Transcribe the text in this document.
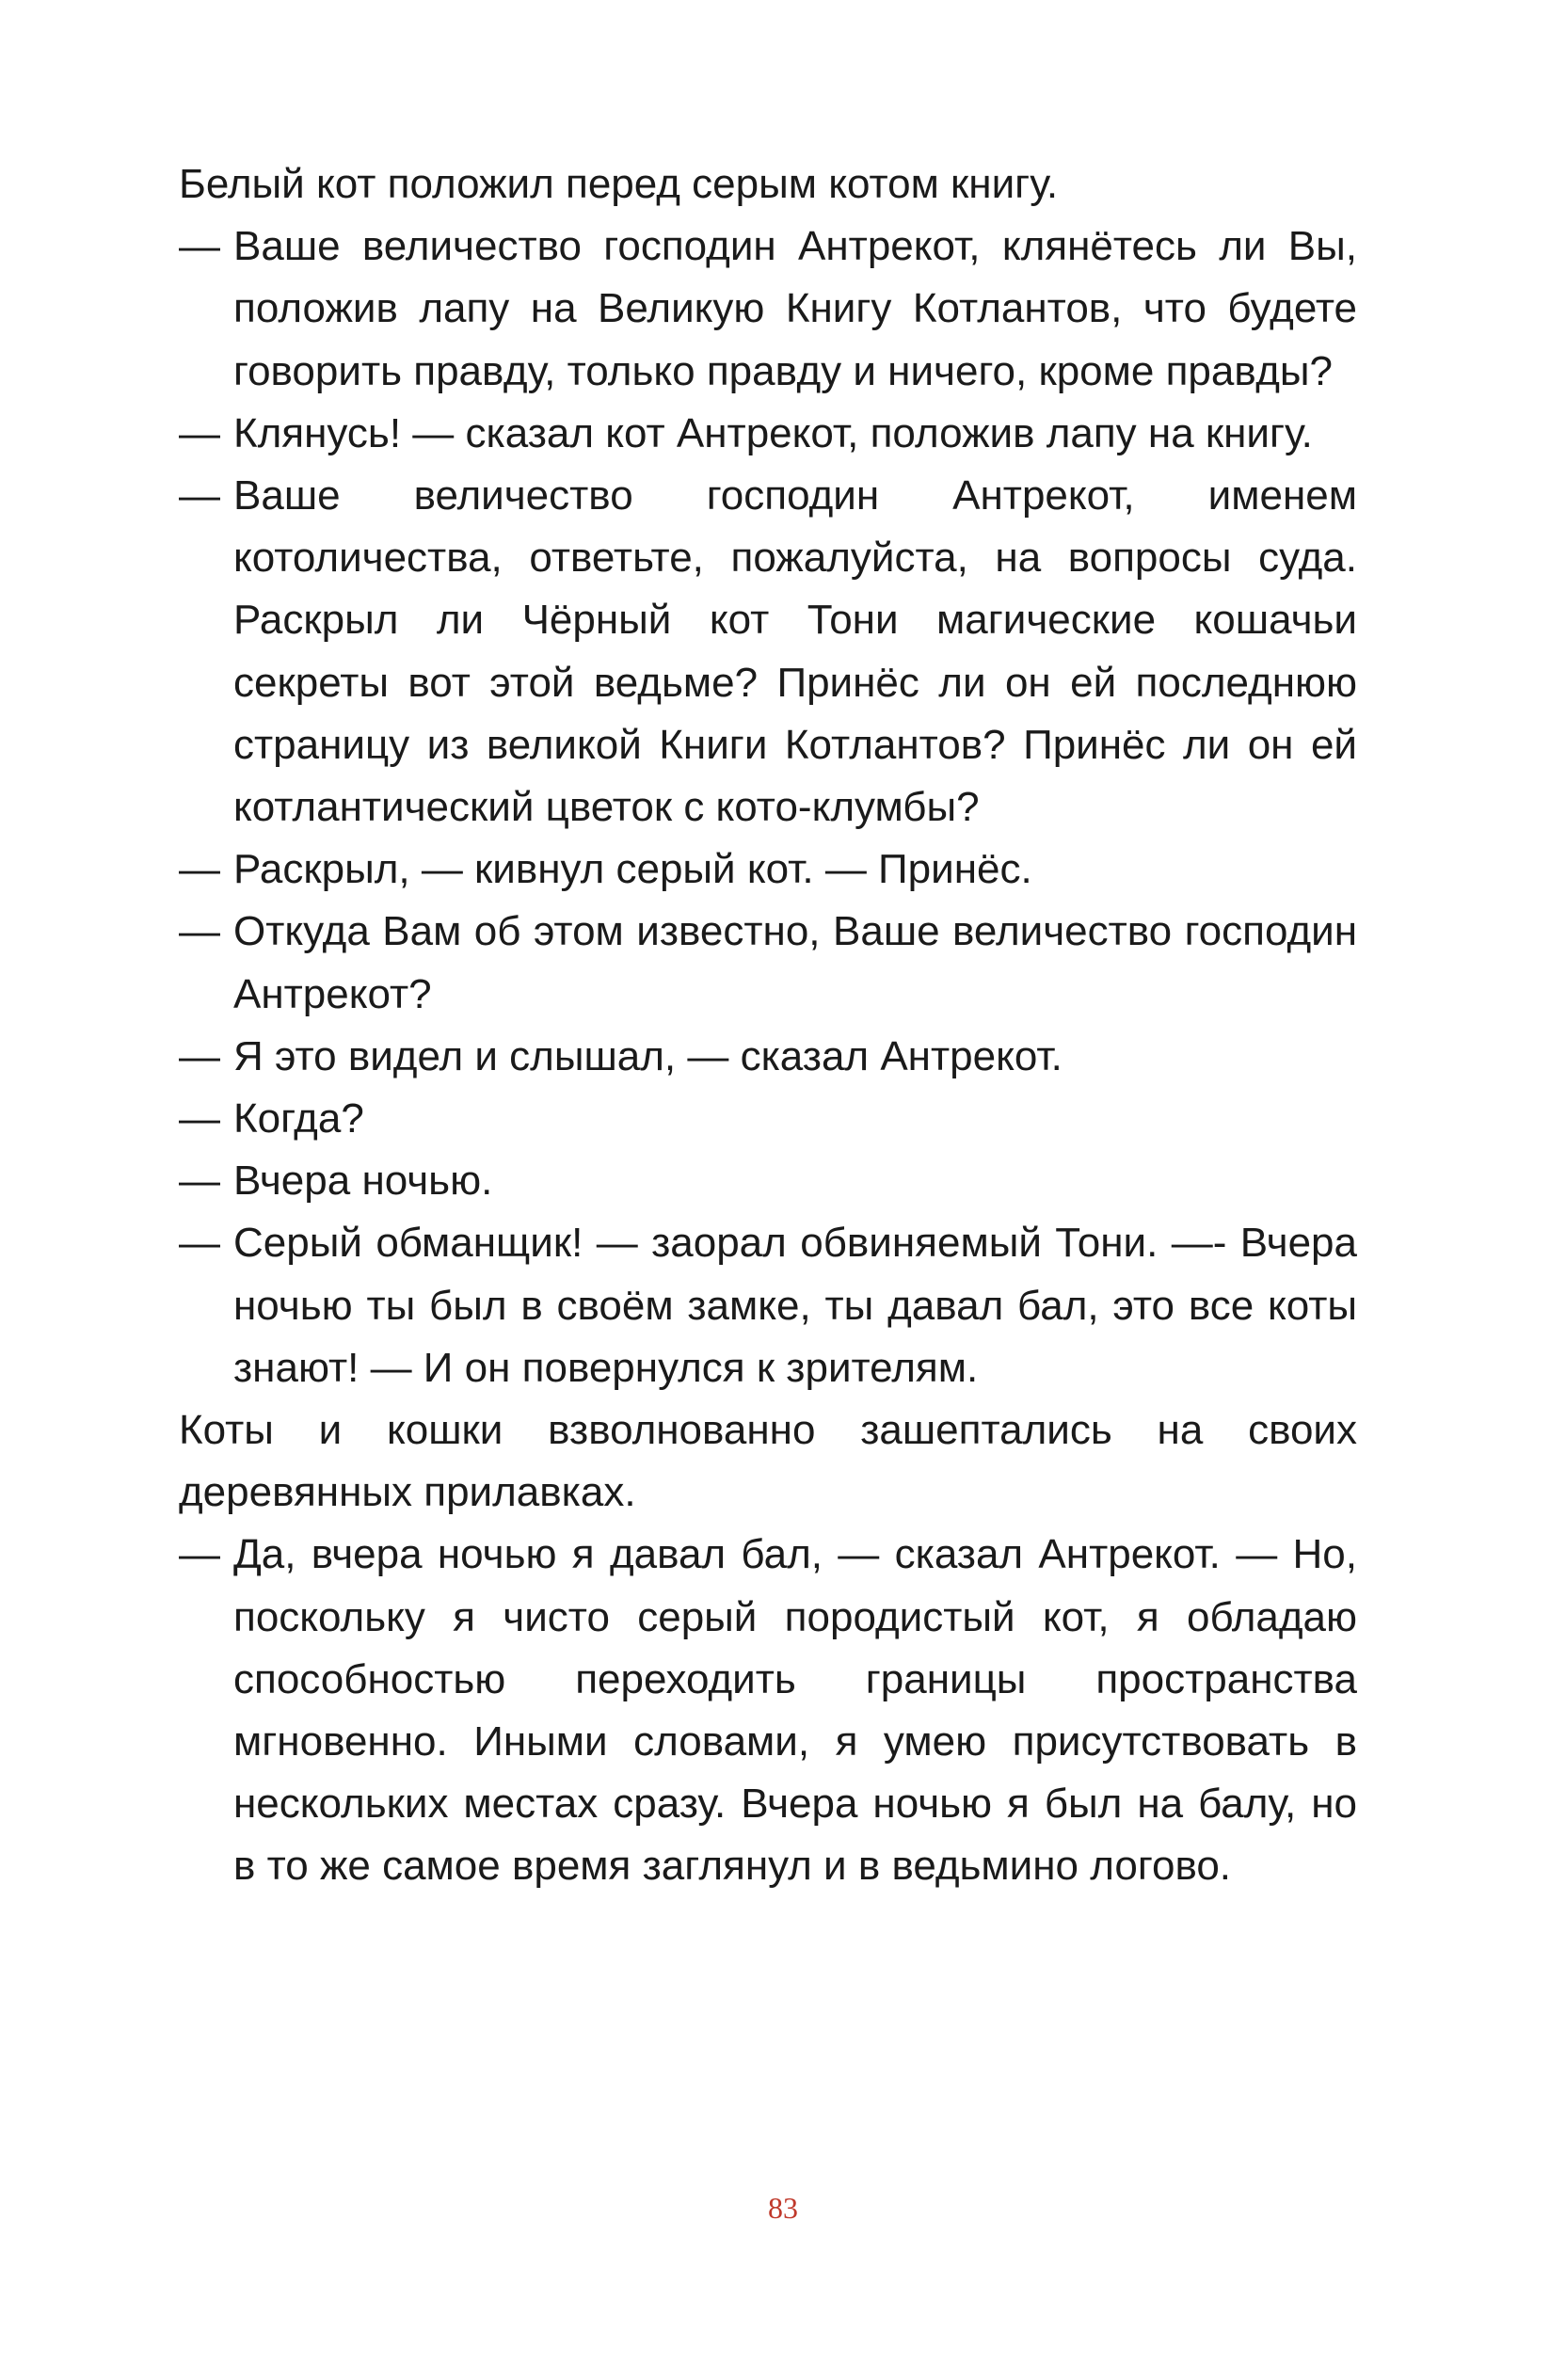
Белый кот положил перед серым котом книгу.

— Ваше величество господин Антрекот, клянётесь ли Вы, положив лапу на Великую Книгу Котлантов, что будете говорить правду, только правду и ничего, кроме правды?

— Клянусь! — сказал кот Антрекот, положив лапу на книгу.

— Ваше величество господин Антрекот, именем котоличества, ответьте, пожалуйста, на вопросы суда. Раскрыл ли Чёрный кот Тони магические кошачьи секреты вот этой ведьме? Принёс ли он ей последнюю страницу из великой Книги Котлантов? Принёс ли он ей котлантический цветок с кото-клумбы?

— Раскрыл, — кивнул серый кот. — Принёс.

— Откуда Вам об этом известно, Ваше величество господин Антрекот?

— Я это видел и слышал, — сказал Антрекот.

— Когда?

— Вчера ночью.

— Серый обманщик! — заорал обвиняемый Тони. —- Вчера ночью ты был в своём замке, ты давал бал, это все коты знают! — И он повернулся к зрителям.

Коты и кошки взволнованно зашептались на своих деревянных прилавках.

— Да, вчера ночью я давал бал, — сказал Антрекот. — Но, поскольку я чисто серый породистый кот, я обладаю способностью переходить границы пространства мгновенно. Иными словами, я умею присутствовать в нескольких местах сразу. Вчера ночью я был на балу, но в то же самое время заглянул и в ведьмино логово.

83
